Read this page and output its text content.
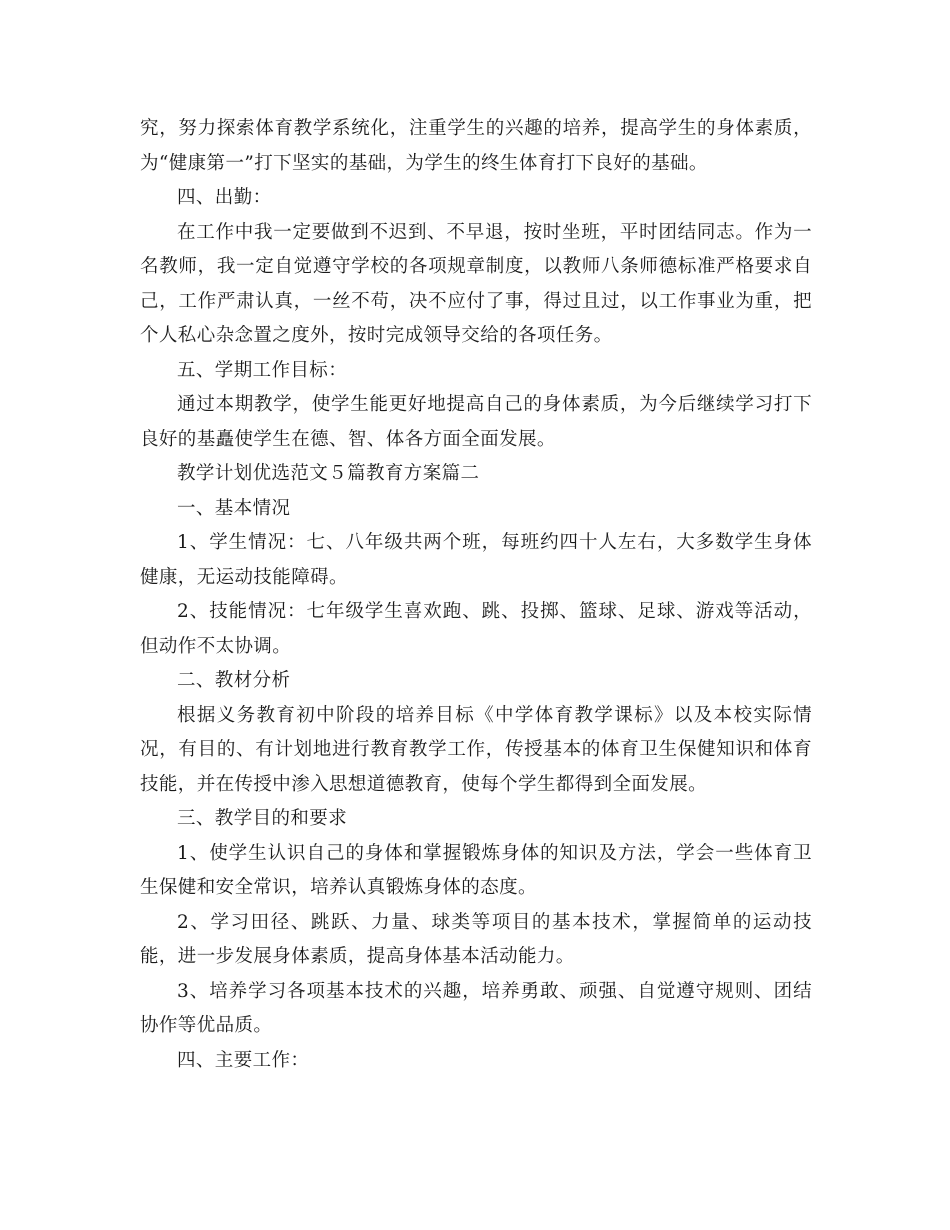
究，努力探索体育教学系统化，注重学生的兴趣的培养，提高学生的身体素质，为“健康第一”打下坚实的基础，为学生的终生体育打下良好的基础。

四、出勤：

在工作中我一定要做到不迟到、不早退，按时坐班，平时团结同志。作为一名教师，我一定自觉遵守学校的各项规章制度，以教师八条师德标准严格要求自己，工作严肃认真，一丝不苟，决不应付了事，得过且过，以工作事业为重，把个人私心杂念置之度外，按时完成领导交给的各项任务。

五、学期工作目标：

通过本期教学，使学生能更好地提高自己的身体素质，为今后继续学习打下良好的基矗使学生在德、智、体各方面全面发展。

教学计划优选范文５篇教育方案篇二

一、基本情况

1、学生情况：七、八年级共两个班，每班约四十人左右，大多数学生身体健康，无运动技能障碍。

2、技能情况：七年级学生喜欢跑、跳、投掷、篮球、足球、游戏等活动，但动作不太协调。

二、教材分析

根据义务教育初中阶段的培养目标《中学体育教学课标》以及本校实际情况，有目的、有计划地进行教育教学工作，传授基本的体育卫生保健知识和体育技能，并在传授中渗入思想道德教育，使每个学生都得到全面发展。

三、教学目的和要求

1、使学生认识自己的身体和掌握锻炼身体的知识及方法，学会一些体育卫生保健和安全常识，培养认真锻炼身体的态度。

2、学习田径、跳跃、力量、球类等项目的基本技术，掌握简单的运动技能，进一步发展身体素质，提高身体基本活动能力。

3、培养学习各项基本技术的兴趣，培养勇敢、顽强、自觉遵守规则、团结协作等优品质。

四、主要工作：
